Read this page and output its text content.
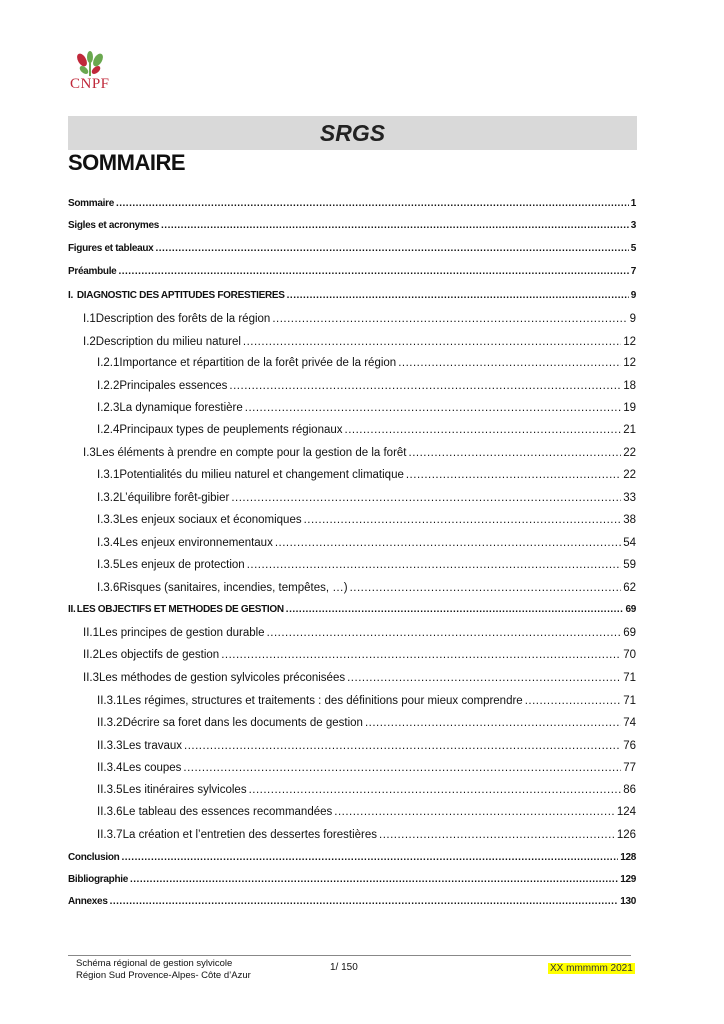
CNPF
SRGS
SOMMAIRE
Sommaire .....	1
Sigles et acronymes .....	3
Figures et tableaux .....	5
Préambule .....	7
I. DIAGNOSTIC DES APTITUDES FORESTIERES .....	9
I.1 Description des forêts de la région .....	9
I.2 Description du milieu naturel .....	12
I.2.1 Importance et répartition de la forêt privée de la région .....	12
I.2.2 Principales essences .....	18
I.2.3 La dynamique forestière .....	19
I.2.4 Principaux types de peuplements régionaux .....	21
I.3 Les éléments à prendre en compte pour la gestion de la forêt .....	22
I.3.1 Potentialités du milieu naturel et changement climatique .....	22
I.3.2 L’équilibre forêt-gibier .....	33
I.3.3 Les enjeux sociaux et économiques .....	38
I.3.4 Les enjeux environnementaux .....	54
I.3.5 Les enjeux de protection .....	59
I.3.6 Risques (sanitaires, incendies, tempêtes, …) .....	62
II. LES OBJECTIFS ET METHODES DE GESTION .....	69
II.1 Les principes de gestion durable .....	69
II.2 Les objectifs de gestion .....	70
II.3 Les méthodes de gestion sylvicoles préconisées .....	71
II.3.1 Les régimes, structures et traitements : des définitions pour mieux comprendre .....	71
II.3.2 Décrire sa foret dans les documents de gestion .....	74
II.3.3 Les travaux .....	76
II.3.4 Les coupes .....	77
II.3.5 Les itinéraires sylvicoles .....	86
II.3.6 Le tableau des essences recommandées .....	124
II.3.7 La création et l’entretien des dessertes forestières .....	126
Conclusion .....	128
Bibliographie .....	129
Annexes .....	130
Schéma régional de gestion sylvicole
Région Sud Provence-Alpes- Côte d’Azur
1/ 150	XX mmmmm 2021
